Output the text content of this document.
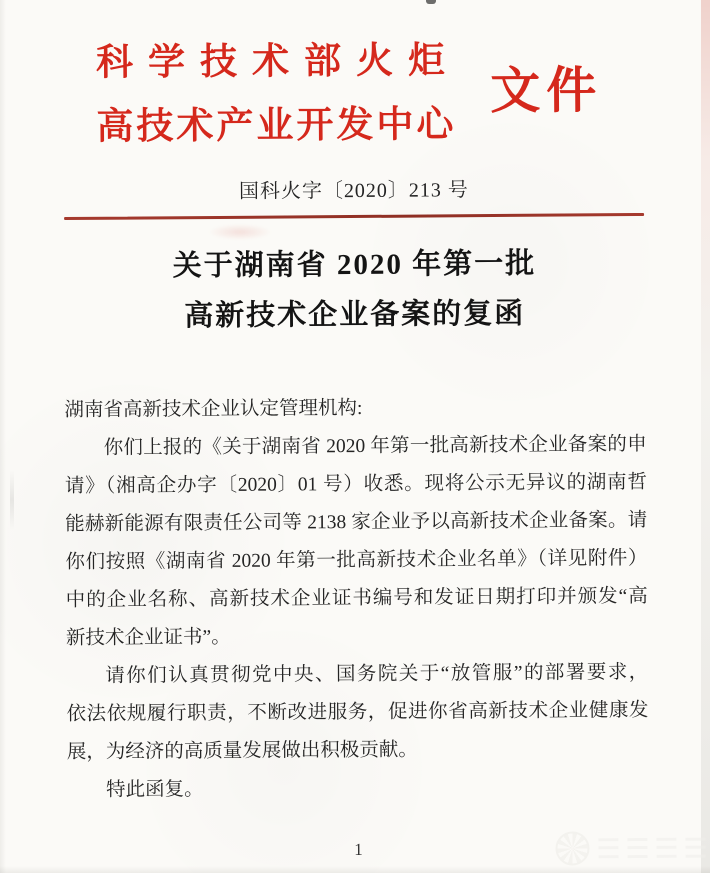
科学技术部火炬
高技术产业开发中心
文件
国科火字〔2020〕213 号
关于湖南省 2020 年第一批
高新技术企业备案的复函
湖南省高新技术企业认定管理机构:
你们上报的《关于湖南省 2020 年第一批高新技术企业备案的申
请》（湘高企办字〔2020〕01 号）收悉。现将公示无异议的湖南哲
能赫新能源有限责任公司等 2138 家企业予以高新技术企业备案。请
你们按照《湖南省 2020 年第一批高新技术企业名单》（详见附件）
中的企业名称、高新技术企业证书编号和发证日期打印并颁发“高
新技术企业证书”。
请你们认真贯彻党中央、国务院关于“放管服”的部署要求，
依法依规履行职责，不断改进服务，促进你省高新技术企业健康发
展，为经济的高质量发展做出积极贡献。
特此函复。
1
